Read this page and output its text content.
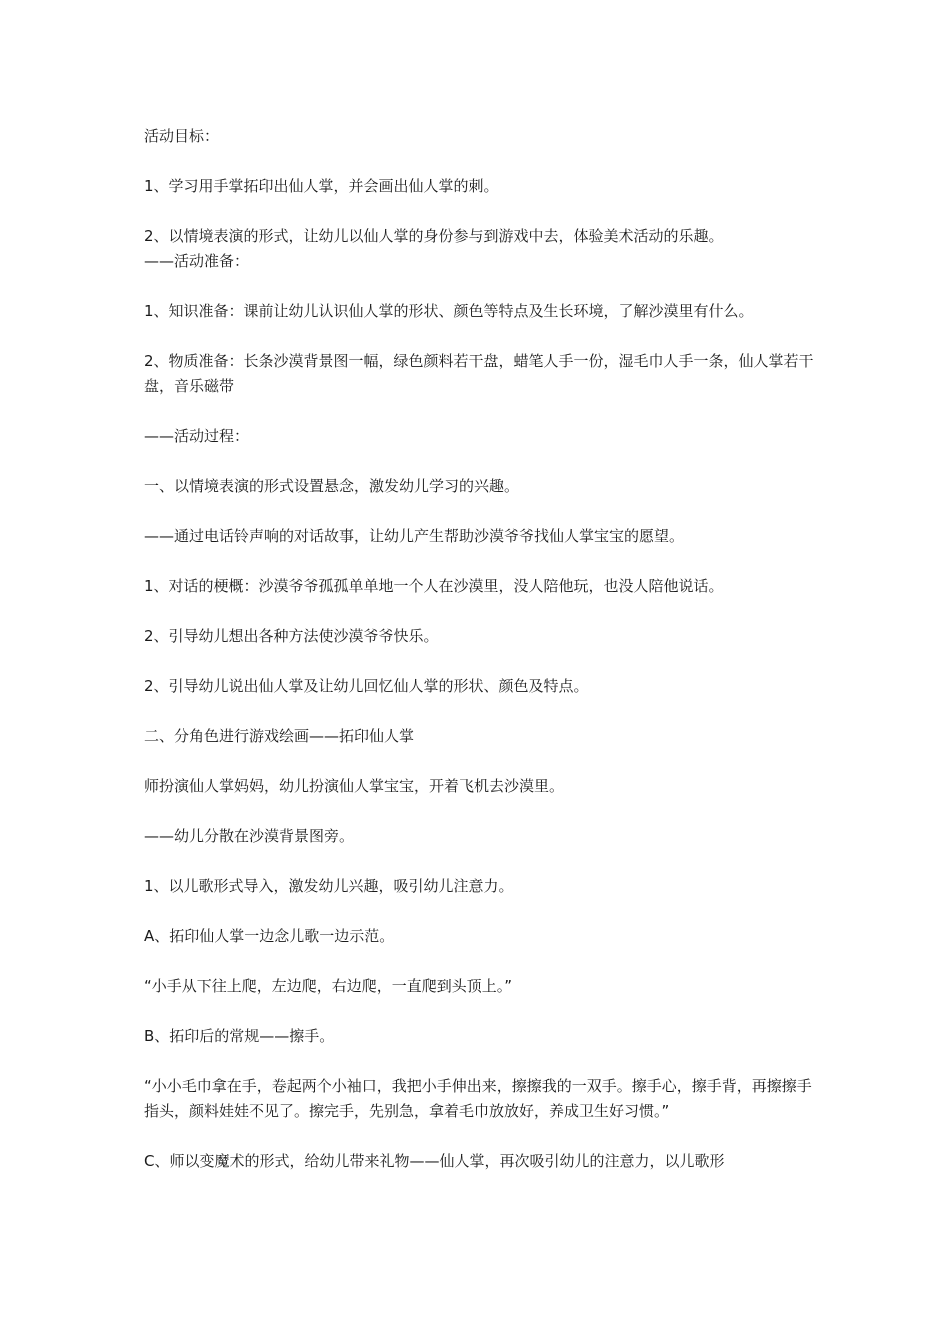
活动目标：

1、学习用手掌拓印出仙人掌，并会画出仙人掌的刺。

2、以情境表演的形式，让幼儿以仙人掌的身份参与到游戏中去，体验美术活动的乐趣。

——活动准备：

1、知识准备：课前让幼儿认识仙人掌的形状、颜色等特点及生长环境，了解沙漠里有什么。

2、物质准备：长条沙漠背景图一幅，绿色颜料若干盘，蜡笔人手一份，湿毛巾人手一条，仙人掌若干盘，音乐磁带

——活动过程：

一、以情境表演的形式设置悬念，激发幼儿学习的兴趣。

——通过电话铃声响的对话故事，让幼儿产生帮助沙漠爷爷找仙人掌宝宝的愿望。

1、对话的梗概：沙漠爷爷孤孤单单地一个人在沙漠里，没人陪他玩，也没人陪他说话。

2、引导幼儿想出各种方法使沙漠爷爷快乐。

2、引导幼儿说出仙人掌及让幼儿回忆仙人掌的形状、颜色及特点。

二、分角色进行游戏绘画——拓印仙人掌

师扮演仙人掌妈妈，幼儿扮演仙人掌宝宝，开着飞机去沙漠里。

——幼儿分散在沙漠背景图旁。

1、以儿歌形式导入，激发幼儿兴趣，吸引幼儿注意力。

A、拓印仙人掌一边念儿歌一边示范。

“小手从下往上爬，左边爬，右边爬，一直爬到头顶上。”

B、拓印后的常规——擦手。

“小小毛巾拿在手，卷起两个小袖口，我把小手伸出来，擦擦我的一双手。擦手心，擦手背，再擦擦手指头，颜料娃娃不见了。擦完手，先别急，拿着毛巾放放好，养成卫生好习惯。”

C、师以变魔术的形式，给幼儿带来礼物——仙人掌，再次吸引幼儿的注意力，以儿歌形
